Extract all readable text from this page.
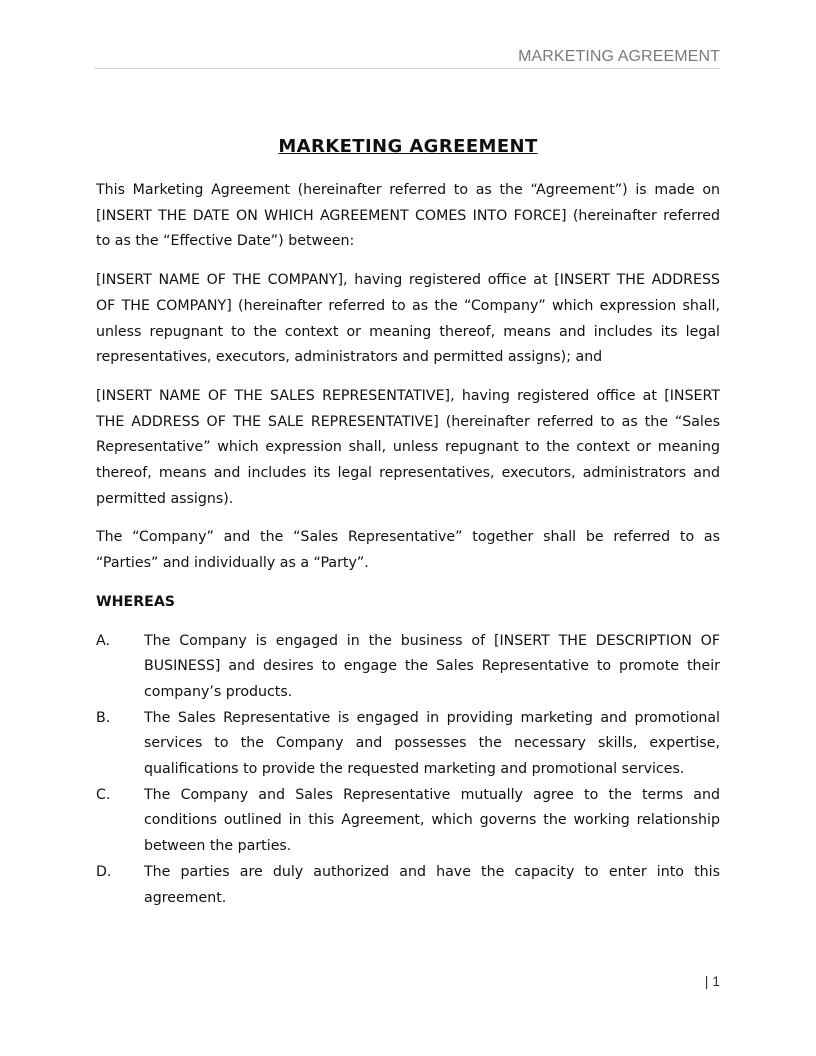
MARKETING AGREEMENT
MARKETING AGREEMENT

This Marketing Agreement (hereinafter referred to as the “Agreement”) is made on [INSERT THE DATE ON WHICH AGREEMENT COMES INTO FORCE] (hereinafter referred to as the “Effective Date”) between:

[INSERT NAME OF THE COMPANY], having registered office at [INSERT THE ADDRESS OF THE COMPANY] (hereinafter referred to as the “Company” which expression shall, unless repugnant to the context or meaning thereof, means and includes its legal representatives, executors, administrators and permitted assigns); and

[INSERT NAME OF THE SALES REPRESENTATIVE], having registered office at [INSERT THE ADDRESS OF THE SALE REPRESENTATIVE] (hereinafter referred to as the “Sales Representative” which expression shall, unless repugnant to the context or meaning thereof, means and includes its legal representatives, executors, administrators and permitted assigns).

The “Company” and the “Sales Representative” together shall be referred to as “Parties” and individually as a “Party”.

WHEREAS
A.	The Company is engaged in the business of [INSERT THE DESCRIPTION OF BUSINESS] and desires to engage the Sales Representative to promote their company’s products.
B.	The Sales Representative is engaged in providing marketing and promotional services to the Company and possesses the necessary skills, expertise, qualifications to provide the requested marketing and promotional services.
C.	The Company and Sales Representative mutually agree to the terms and conditions outlined in this Agreement, which governs the working relationship between the parties.
D.	The parties are duly authorized and have the capacity to enter into this agreement.
| 1
